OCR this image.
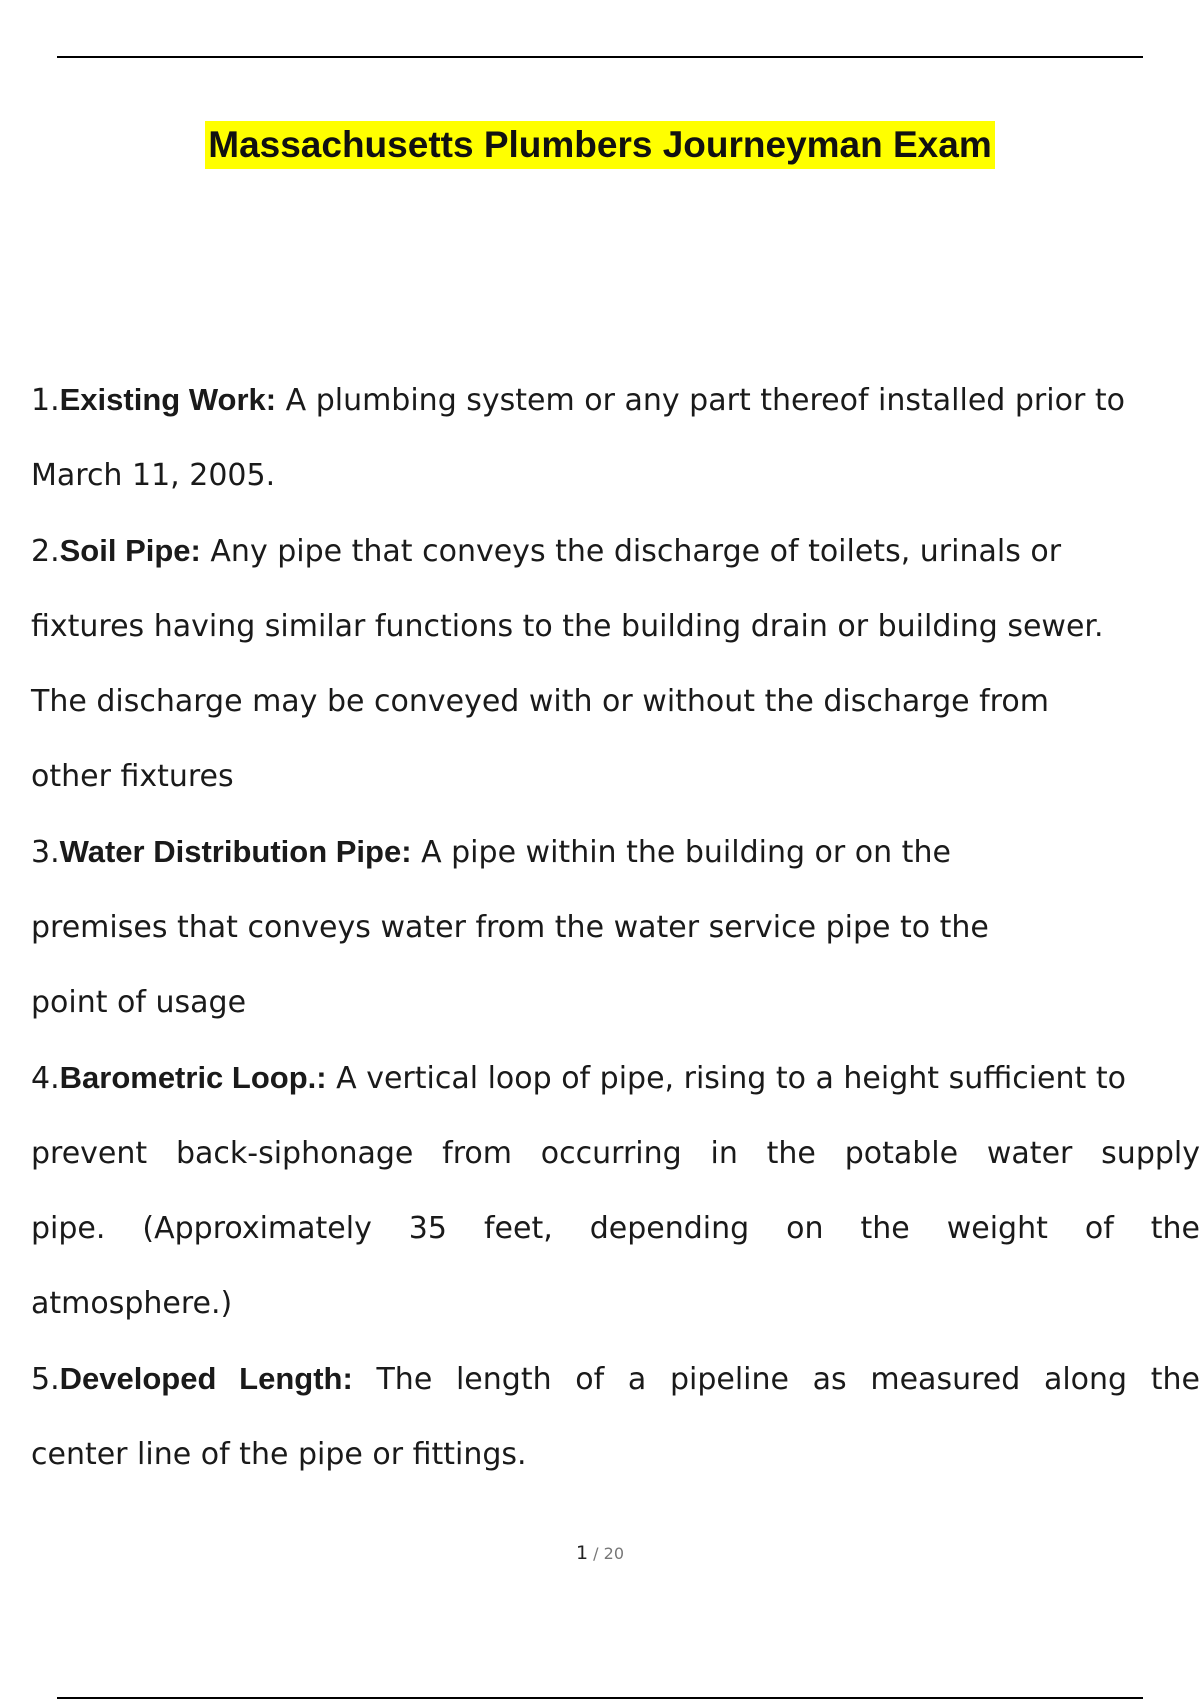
Massachusetts Plumbers Journeyman Exam
1.Existing Work: A plumbing system or any part thereof installed prior to
March 11, 2005.
2.Soil Pipe: Any pipe that conveys the discharge of toilets, urinals or
fixtures having similar functions to the building drain or building sewer.
The discharge may be conveyed with or without the discharge from
other fixtures
3.Water Distribution Pipe: A pipe within the building or on the
premises that conveys water from the water service pipe to the
point of usage
4.Barometric Loop.: A vertical loop of pipe, rising to a height sufficient to
prevent back-siphonage from occurring in the potable water supply
pipe. (Approximately 35 feet, depending on the weight of the
atmosphere.)
5.Developed Length: The length of a pipeline as measured along the
center line of the pipe or fittings.
1 / 20
